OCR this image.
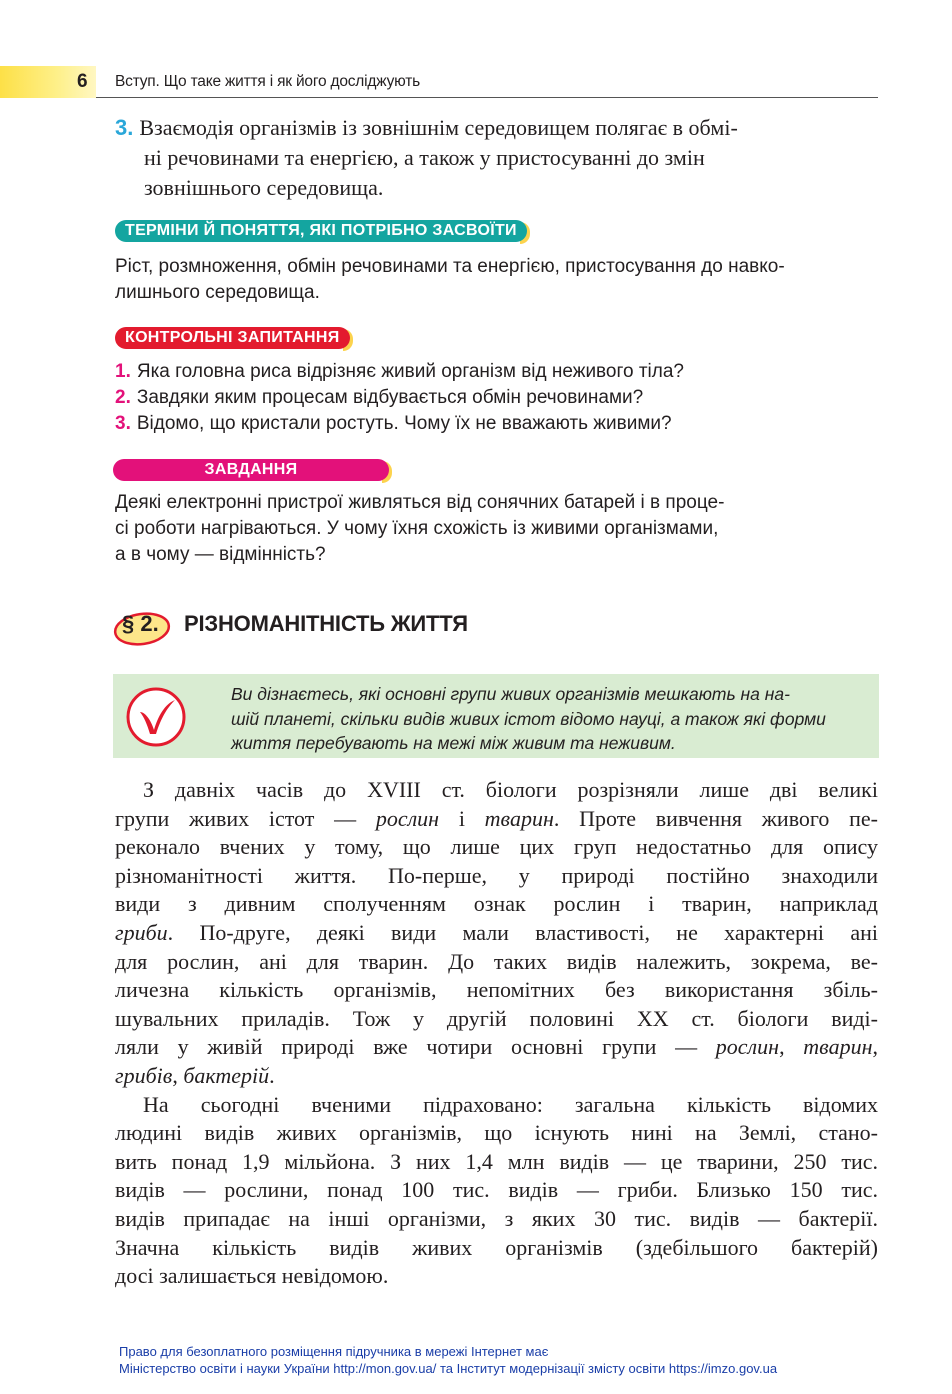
6 Вступ. Що таке життя і як його досліджують
3. Взаємодія організмів із зовнішнім середовищем полягає в обмі-
ні речовинами та енергією, а також у пристосуванні до змін
зовнішнього середовища.
ТЕРМІНИ Й ПОНЯТТЯ, ЯКІ ПОТРІБНО ЗАСВОЇТИ
Ріст, розмноження, обмін речовинами та енергією, пристосування до навко-
лишнього середовища.
КОНТРОЛЬНІ ЗАПИТАННЯ
1. Яка головна риса відрізняє живий організм від неживого тіла?
2. Завдяки яким процесам відбувається обмін речовинами?
3. Відомо, що кристали ростуть. Чому їх не вважають живими?
ЗАВДАННЯ
Деякі електронні пристрої живляться від сонячних батарей і в проце-
сі роботи нагріваються. У чому їхня схожість із живими організмами,
а в чому — відмінність?
§ 2. РІЗНОМАНІТНІСТЬ ЖИТТЯ
Ви дізнаєтесь, які основні групи живих організмів мешкають на на-
шій планеті, скільки видів живих істот відомо науці, а також які форми
життя перебувають на межі між живим та неживим.
З давніх часів до XVIII ст. біологи розрізняли лише дві великі
групи живих істот — рослин і тварин. Проте вивчення живого пе-
реконало вчених у тому, що лише цих груп недостатньо для опису
різноманітності життя. По-перше, у природі постійно знаходили
види з дивним сполученням ознак рослин і тварин, наприклад
гриби. По-друге, деякі види мали властивості, не характерні ані
для рослин, ані для тварин. До таких видів належить, зокрема, ве-
личезна кількість організмів, непомітних без використання збіль-
шувальних приладів. Тож у другій половині XX ст. біологи виді-
ляли у живій природі вже чотири основні групи — рослин, тварин,
грибів, бактерій.
На сьогодні вченими підраховано: загальна кількість відомих
людині видів живих організмів, що існують нині на Землі, стано-
вить понад 1,9 мільйона. З них 1,4 млн видів — це тварини, 250 тис.
видів — рослини, понад 100 тис. видів — гриби. Близько 150 тис.
видів припадає на інші організми, з яких 30 тис. видів — бактерії.
Значна кількість видів живих організмів (здебільшого бактерій)
досі залишається невідомою.
Право для безоплатного розміщення підручника в мережі Інтернет має
Міністерство освіти і науки України http://mon.gov.ua/ та Інститут модернізації змісту освіти https://imzo.gov.ua
